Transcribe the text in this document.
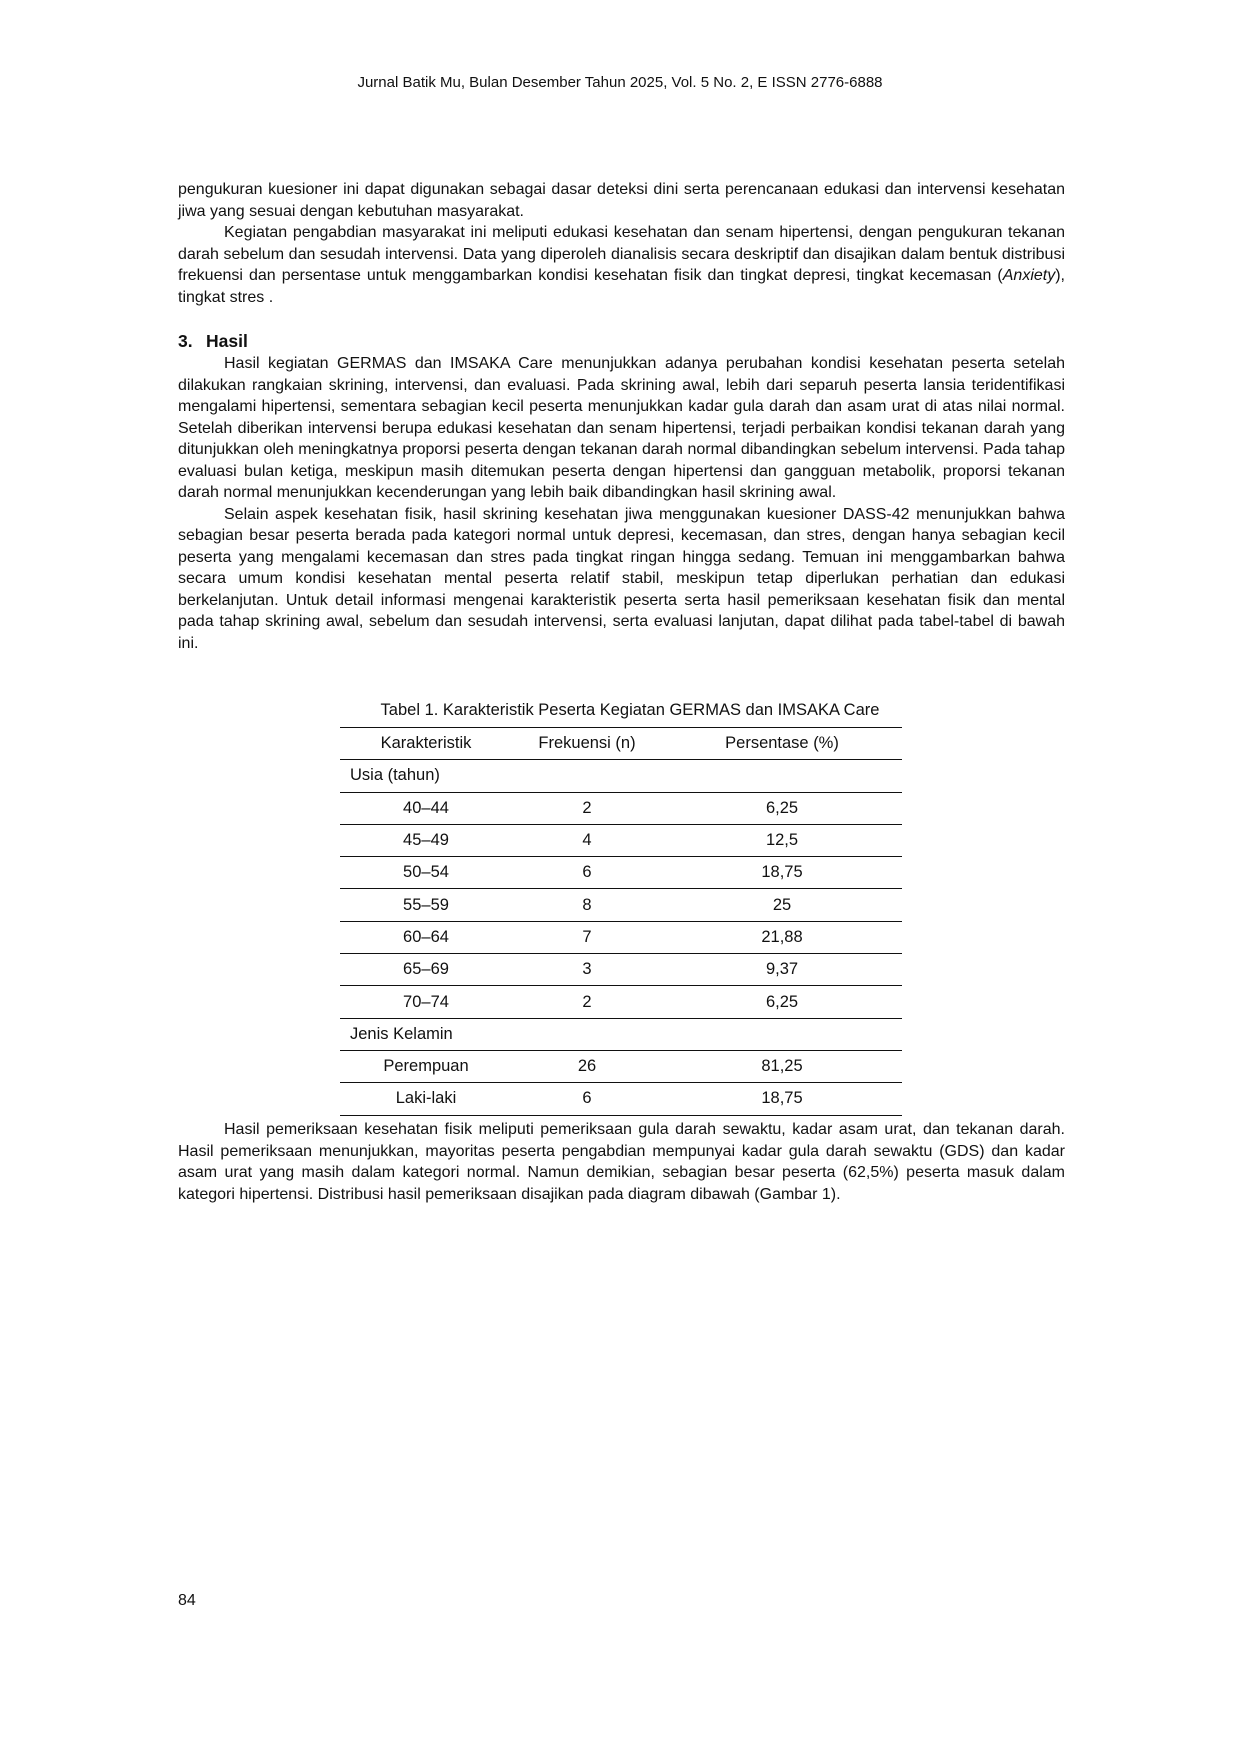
Jurnal Batik Mu, Bulan Desember Tahun 2025, Vol. 5 No. 2, E ISSN 2776-6888

pengukuran kuesioner ini dapat digunakan sebagai dasar deteksi dini serta perencanaan edukasi dan intervensi kesehatan jiwa yang sesuai dengan kebutuhan masyarakat.

Kegiatan pengabdian masyarakat ini meliputi edukasi kesehatan dan senam hipertensi, dengan pengukuran tekanan darah sebelum dan sesudah intervensi. Data yang diperoleh dianalisis secara deskriptif dan disajikan dalam bentuk distribusi frekuensi dan persentase untuk menggambarkan kondisi kesehatan fisik dan tingkat depresi, tingkat kecemasan (Anxiety), tingkat stres .

3. Hasil

Hasil kegiatan GERMAS dan IMSAKA Care menunjukkan adanya perubahan kondisi kesehatan peserta setelah dilakukan rangkaian skrining, intervensi, dan evaluasi. Pada skrining awal, lebih dari separuh peserta lansia teridentifikasi mengalami hipertensi, sementara sebagian kecil peserta menunjukkan kadar gula darah dan asam urat di atas nilai normal. Setelah diberikan intervensi berupa edukasi kesehatan dan senam hipertensi, terjadi perbaikan kondisi tekanan darah yang ditunjukkan oleh meningkatnya proporsi peserta dengan tekanan darah normal dibandingkan sebelum intervensi. Pada tahap evaluasi bulan ketiga, meskipun masih ditemukan peserta dengan hipertensi dan gangguan metabolik, proporsi tekanan darah normal menunjukkan kecenderungan yang lebih baik dibandingkan hasil skrining awal.

Selain aspek kesehatan fisik, hasil skrining kesehatan jiwa menggunakan kuesioner DASS-42 menunjukkan bahwa sebagian besar peserta berada pada kategori normal untuk depresi, kecemasan, dan stres, dengan hanya sebagian kecil peserta yang mengalami kecemasan dan stres pada tingkat ringan hingga sedang. Temuan ini menggambarkan bahwa secara umum kondisi kesehatan mental peserta relatif stabil, meskipun tetap diperlukan perhatian dan edukasi berkelanjutan. Untuk detail informasi mengenai karakteristik peserta serta hasil pemeriksaan kesehatan fisik dan mental pada tahap skrining awal, sebelum dan sesudah intervensi, serta evaluasi lanjutan, dapat dilihat pada tabel-tabel di bawah ini.

Tabel 1. Karakteristik Peserta Kegiatan GERMAS dan IMSAKA Care
Karakteristik	Frekuensi (n)	Persentase (%)
Usia (tahun)		
40–44	2	6,25
45–49	4	12,5
50–54	6	18,75
55–59	8	25
60–64	7	21,88
65–69	3	9,37
70–74	2	6,25
Jenis Kelamin		
Perempuan	26	81,25
Laki-laki	6	18,75

Hasil pemeriksaan kesehatan fisik meliputi pemeriksaan gula darah sewaktu, kadar asam urat, dan tekanan darah. Hasil pemeriksaan menunjukkan, mayoritas peserta pengabdian mempunyai kadar gula darah sewaktu (GDS) dan kadar asam urat yang masih dalam kategori normal. Namun demikian, sebagian besar peserta (62,5%) peserta masuk dalam kategori hipertensi. Distribusi hasil pemeriksaan disajikan pada diagram dibawah (Gambar 1).

84
